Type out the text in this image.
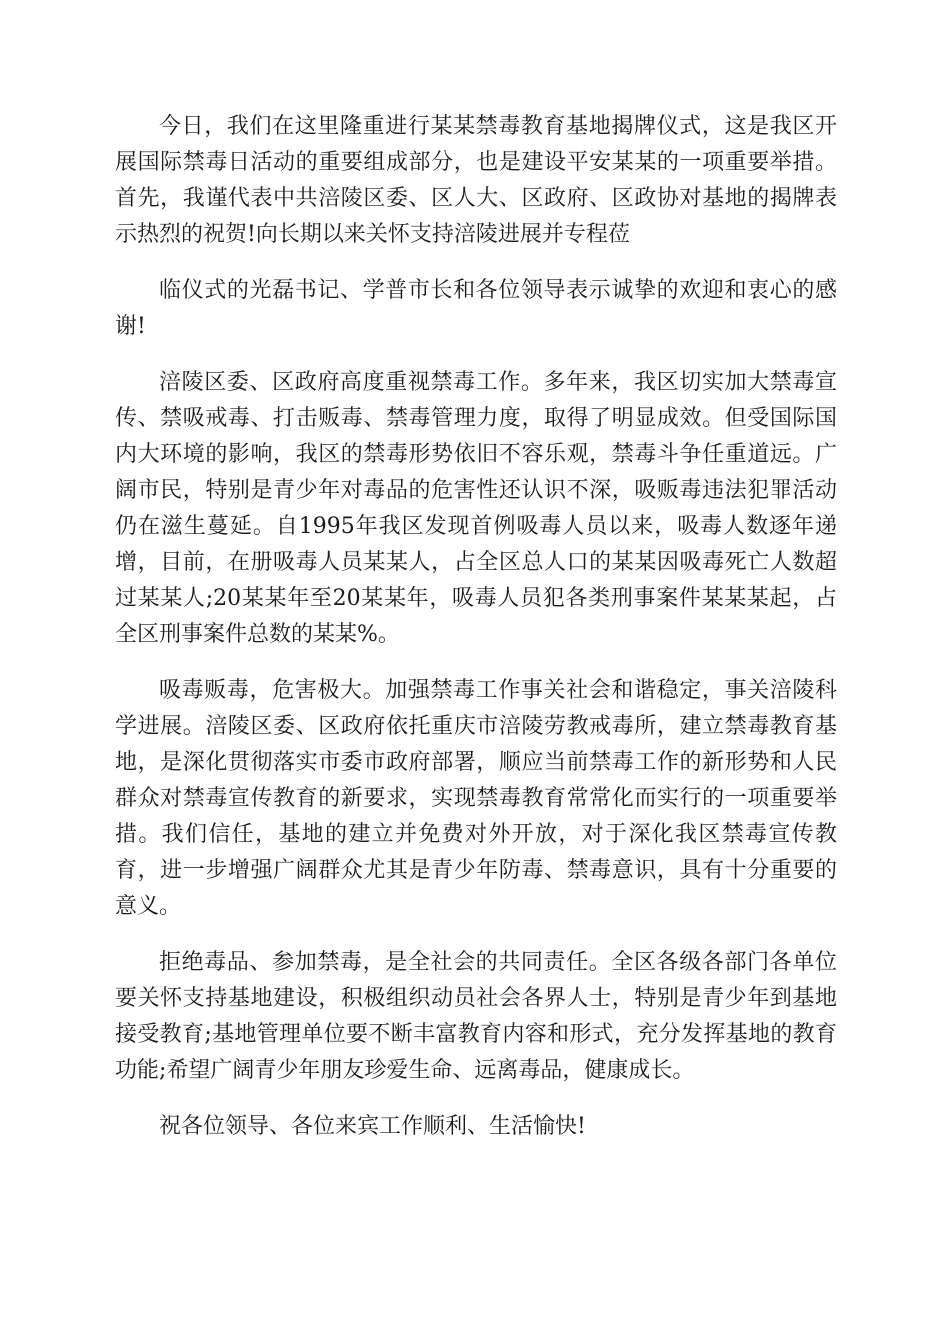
今日，我们在这里隆重进行某某禁毒教育基地揭牌仪式，这是我区开展国际禁毒日活动的重要组成部分，也是建设平安某某的一项重要举措。首先，我谨代表中共涪陵区委、区人大、区政府、区政协对基地的揭牌表示热烈的祝贺!向长期以来关怀支持涪陵进展并专程莅

临仪式的光磊书记、学普市长和各位领导表示诚挚的欢迎和衷心的感谢!

涪陵区委、区政府高度重视禁毒工作。多年来，我区切实加大禁毒宣传、禁吸戒毒、打击贩毒、禁毒管理力度，取得了明显成效。但受国际国内大环境的影响，我区的禁毒形势依旧不容乐观，禁毒斗争任重道远。广阔市民，特别是青少年对毒品的危害性还认识不深，吸贩毒违法犯罪活动仍在滋生蔓延。自1995年我区发现首例吸毒人员以来，吸毒人数逐年递增，目前，在册吸毒人员某某人，占全区总人口的某某因吸毒死亡人数超过某某人;20某某年至20某某年，吸毒人员犯各类刑事案件某某某起，占全区刑事案件总数的某某%。

吸毒贩毒，危害极大。加强禁毒工作事关社会和谐稳定，事关涪陵科学进展。涪陵区委、区政府依托重庆市涪陵劳教戒毒所，建立禁毒教育基地，是深化贯彻落实市委市政府部署，顺应当前禁毒工作的新形势和人民群众对禁毒宣传教育的新要求，实现禁毒教育常常化而实行的一项重要举措。我们信任，基地的建立并免费对外开放，对于深化我区禁毒宣传教育，进一步增强广阔群众尤其是青少年防毒、禁毒意识，具有十分重要的意义。

拒绝毒品、参加禁毒，是全社会的共同责任。全区各级各部门各单位要关怀支持基地建设，积极组织动员社会各界人士，特别是青少年到基地接受教育;基地管理单位要不断丰富教育内容和形式，充分发挥基地的教育功能;希望广阔青少年朋友珍爱生命、远离毒品，健康成长。

祝各位领导、各位来宾工作顺利、生活愉快!
